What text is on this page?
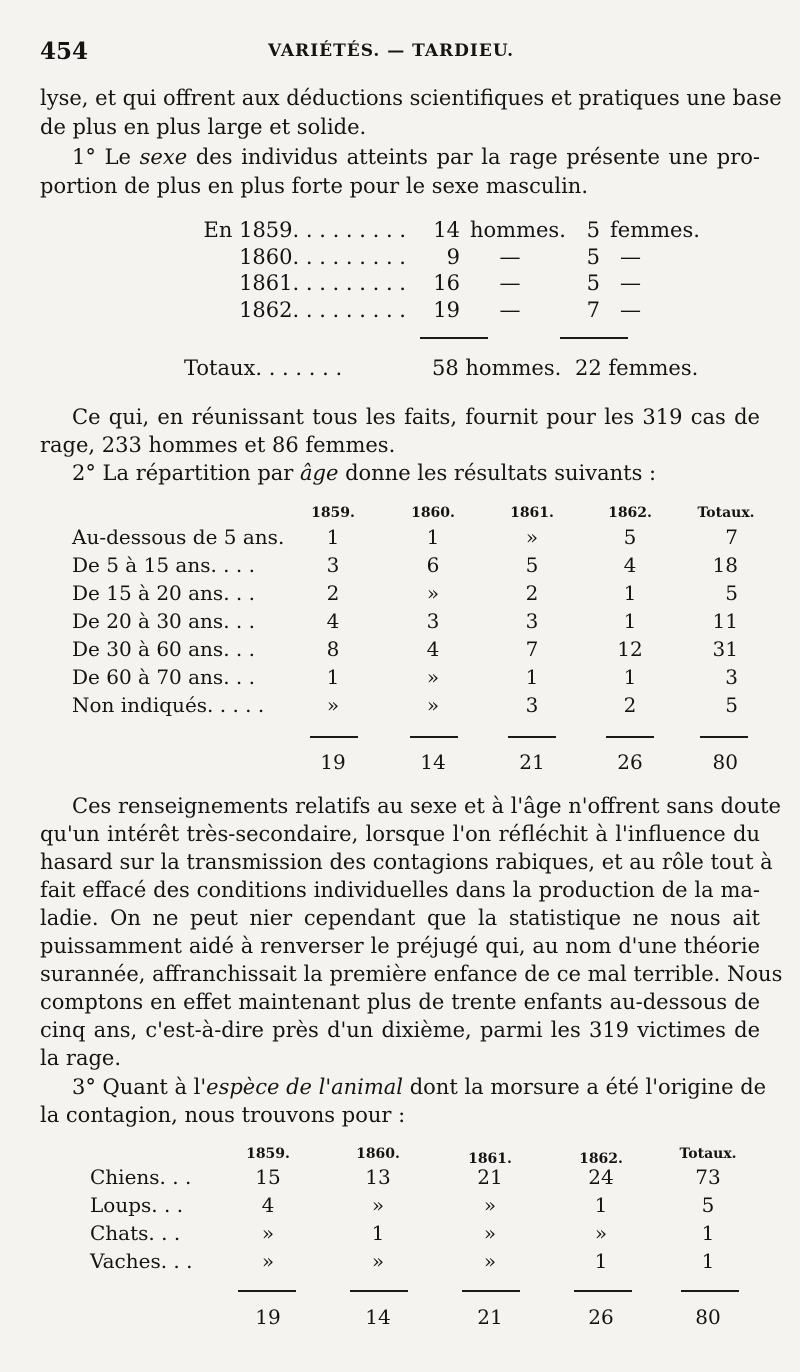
454	VARIÉTÉS. — TARDIEU.
lyse, et qui offrent aux déductions scientifiques et pratiques une base
de plus en plus large et solide.
1° Le sexe des individus atteints par la rage présente une pro-
portion de plus en plus forte pour le sexe masculin.
En 1859. . . . . . . . .	14 hommes. 5 femmes.
1860. . . . . . . . .	9	—	5 —
1861. . . . . . . . .	16	—	5 —
1862. . . . . . . . .	19	—	7 —
Totaux. . . . . . .	58 hommes. 22 femmes.
Ce qui, en réunissant tous les faits, fournit pour les 319 cas de
rage, 233 hommes et 86 femmes.
2° La répartition par âge donne les résultats suivants :
1859.	1860.	1861.	1862.	Totaux.
Au-dessous de 5 ans.	1	1	»	5	7
De 5 à 15 ans. . . .	3	6	5	4	18
De 15 à 20 ans. . .	2	»	2	1	5
De 20 à 30 ans. . .	4	3	3	1	11
De 30 à 60 ans. . .	8	4	7	12	31
De 60 à 70 ans. . .	1	»	1	1	3
Non indiqués. . . . .	»	»	3	2	5
19	14	21	26	80
Ces renseignements relatifs au sexe et à l'âge n'offrent sans doute
qu'un intérêt très-secondaire, lorsque l'on réfléchit à l'influence du
hasard sur la transmission des contagions rabiques, et au rôle tout à
fait effacé des conditions individuelles dans la production de la ma-
ladie. On ne peut nier cependant que la statistique ne nous ait
puissamment aidé à renverser le préjugé qui, au nom d'une théorie
surannée, affranchissait la première enfance de ce mal terrible. Nous
comptons en effet maintenant plus de trente enfants au-dessous de
cinq ans, c'est-à-dire près d'un dixième, parmi les 319 victimes de
la rage.
3° Quant à l'espèce de l'animal dont la morsure a été l'origine de
la contagion, nous trouvons pour :
1859.	1860.	1861.	1862.	Totaux.
Chiens. . .	15	13	21	24	73
Loups. . .	4	»	»	1	5
Chats. . .	»	1	»	»	1
Vaches. . .	»	»	»	1	1
19	14	21	26	80
